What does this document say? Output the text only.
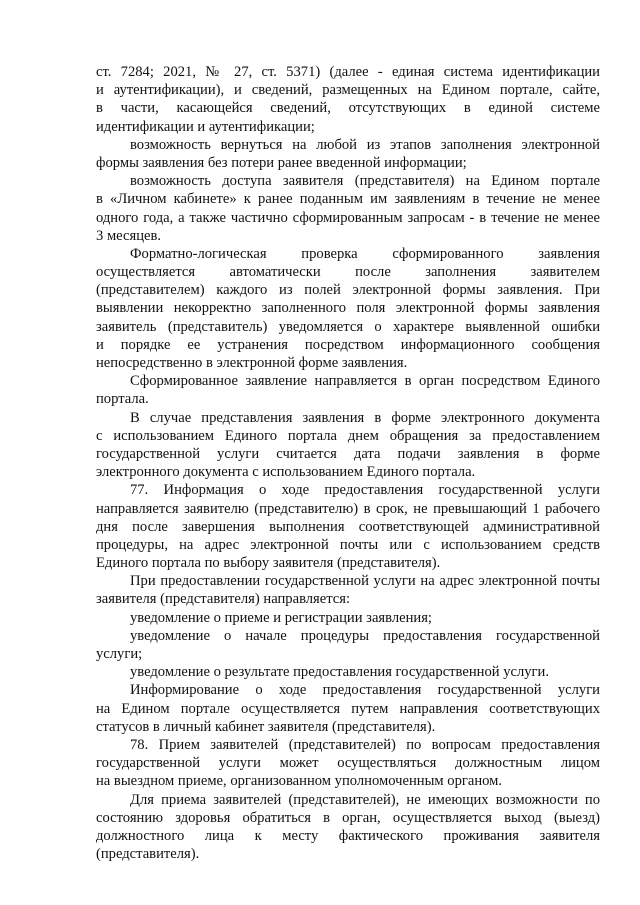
ст. 7284; 2021, № 27, ст. 5371) (далее - единая система идентификации
и аутентификации), и сведений, размещенных на Едином портале, сайте,
в части, касающейся сведений, отсутствующих в единой системе
идентификации и аутентификации;
возможность вернуться на любой из этапов заполнения электронной
формы заявления без потери ранее введенной информации;
возможность доступа заявителя (представителя) на Едином портале
в «Личном кабинете» к ранее поданным им заявлениям в течение не менее
одного года, а также частично сформированным запросам - в течение не менее
3 месяцев.
Форматно-логическая проверка сформированного заявления
осуществляется автоматически после заполнения заявителем
(представителем) каждого из полей электронной формы заявления. При
выявлении некорректно заполненного поля электронной формы заявления
заявитель (представитель) уведомляется о характере выявленной ошибки
и порядке ее устранения посредством информационного сообщения
непосредственно в электронной форме заявления.
Сформированное заявление направляется в орган посредством Единого
портала.
В случае представления заявления в форме электронного документа
с использованием Единого портала днем обращения за предоставлением
государственной услуги считается дата подачи заявления в форме
электронного документа с использованием Единого портала.
77. Информация о ходе предоставления государственной услуги
направляется заявителю (представителю) в срок, не превышающий 1 рабочего
дня после завершения выполнения соответствующей административной
процедуры, на адрес электронной почты или с использованием средств
Единого портала по выбору заявителя (представителя).
При предоставлении государственной услуги на адрес электронной почты
заявителя (представителя) направляется:
уведомление о приеме и регистрации заявления;
уведомление о начале процедуры предоставления государственной
услуги;
уведомление о результате предоставления государственной услуги.
Информирование о ходе предоставления государственной услуги
на Едином портале осуществляется путем направления соответствующих
статусов в личный кабинет заявителя (представителя).
78. Прием заявителей (представителей) по вопросам предоставления
государственной услуги может осуществляться должностным лицом
на выездном приеме, организованном уполномоченным органом.
Для приема заявителей (представителей), не имеющих возможности по
состоянию здоровья обратиться в орган, осуществляется выход (выезд)
должностного лица к месту фактического проживания заявителя
(представителя).
